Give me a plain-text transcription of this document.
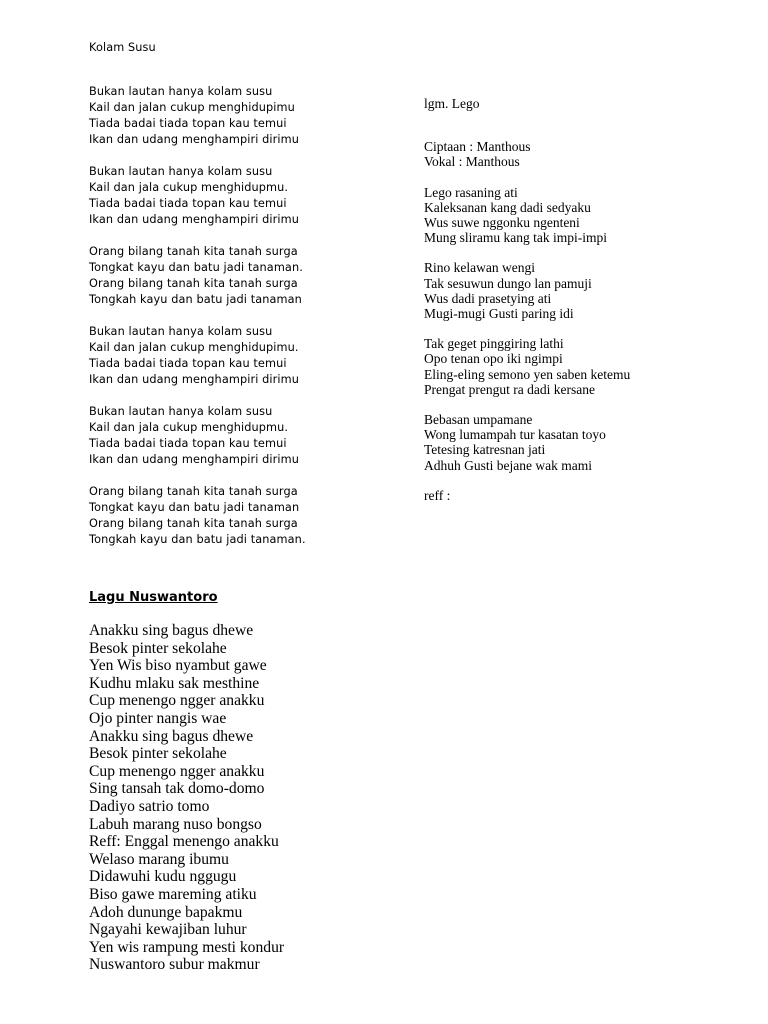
Kolam Susu
Bukan lautan hanya kolam susu
Kail dan jalan cukup menghidupimu
Tiada badai tiada topan kau temui
Ikan dan udang menghampiri dirimu
Bukan lautan hanya kolam susu
Kail dan jala cukup menghidupmu.
Tiada badai tiada topan kau temui
Ikan dan udang menghampiri dirimu
Orang bilang tanah kita tanah surga
Tongkat kayu dan batu jadi tanaman.
Orang bilang tanah kita tanah surga
Tongkah kayu dan batu jadi tanaman
Bukan lautan hanya kolam susu
Kail dan jalan cukup menghidupimu.
Tiada badai tiada topan kau temui
Ikan dan udang menghampiri dirimu
Bukan lautan hanya kolam susu
Kail dan jala cukup menghidupmu.
Tiada badai tiada topan kau temui
Ikan dan udang menghampiri dirimu
Orang bilang tanah kita tanah surga
Tongkat kayu dan batu jadi tanaman
Orang bilang tanah kita tanah surga
Tongkah kayu dan batu jadi tanaman.
lgm. Lego
Ciptaan : Manthous
Vokal : Manthous
Lego rasaning ati
Kaleksanan kang dadi sedyaku
Wus suwe nggonku ngenteni
Mung sliramu kang tak impi-impi
Rino kelawan wengi
Tak sesuwun dungo lan pamuji
Wus dadi prasetying ati
Mugi-mugi Gusti paring idi
Tak geget pinggiring lathi
Opo tenan opo iki ngimpi
Eling-eling semono yen saben ketemu
Prengat prengut ra dadi kersane
Bebasan umpamane
Wong lumampah tur kasatan toyo
Tetesing katresnan jati
Adhuh Gusti bejane wak mami
reff :
Lagu Nuswantoro
Anakku sing bagus dhewe
Besok pinter sekolahe
Yen Wis biso nyambut gawe
Kudhu mlaku sak mesthine
Cup menengo ngger anakku
Ojo pinter nangis wae
Anakku sing bagus dhewe
Besok pinter sekolahe
Cup menengo ngger anakku
Sing tansah tak domo-domo
Dadiyo satrio tomo
Labuh marang nuso bongso
Reff: Enggal menengo anakku
Welaso marang ibumu
Didawuhi kudu nggugu
Biso gawe mareming atiku
Adoh dununge bapakmu
Ngayahi kewajiban luhur
Yen wis rampung mesti kondur
Nuswantoro subur makmur
